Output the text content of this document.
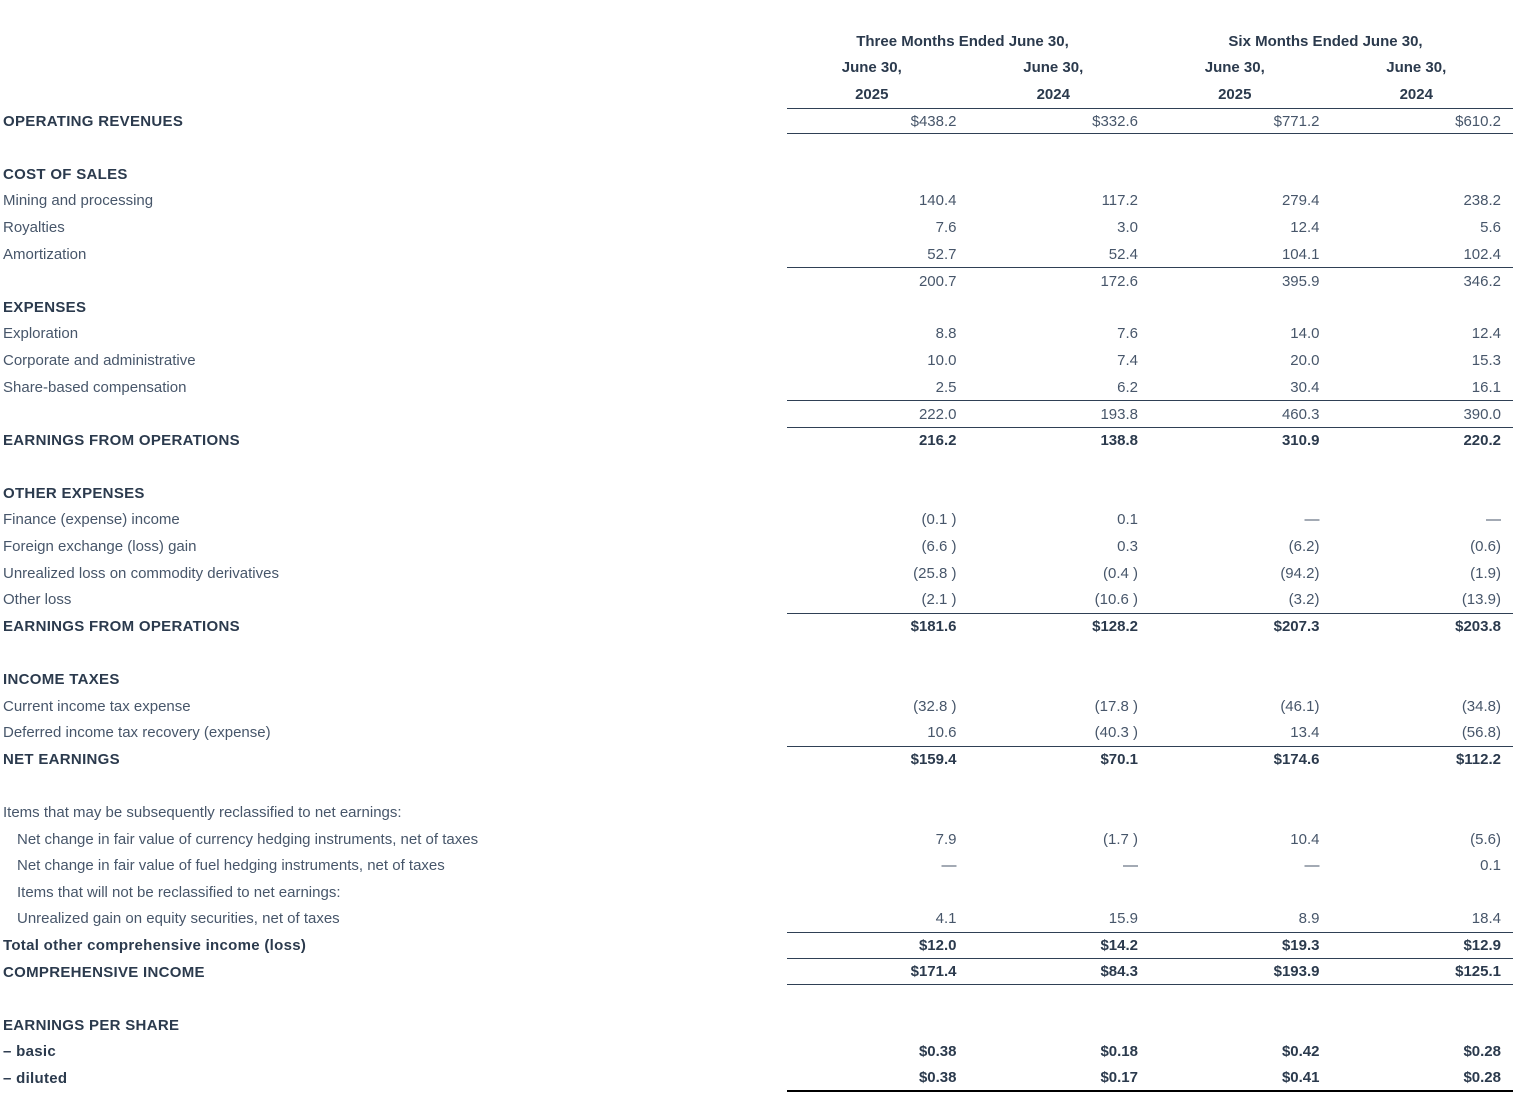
Three Months Ended June 30,	Six Months Ended June 30,
June 30,	June 30,	June 30,	June 30,
2025	2024	2025	2024
OPERATING REVENUES	$438.2	$332.6	$771.2	$610.2
COST OF SALES
Mining and processing	140.4	117.2	279.4	238.2
Royalties	7.6	3.0	12.4	5.6
Amortization	52.7	52.4	104.1	102.4
200.7	172.6	395.9	346.2
EXPENSES
Exploration	8.8	7.6	14.0	12.4
Corporate and administrative	10.0	7.4	20.0	15.3
Share-based compensation	2.5	6.2	30.4	16.1
222.0	193.8	460.3	390.0
EARNINGS FROM OPERATIONS	216.2	138.8	310.9	220.2
OTHER EXPENSES
Finance (expense) income	(0.1 )	0.1	—	—
Foreign exchange (loss) gain	(6.6 )	0.3	(6.2)	(0.6)
Unrealized loss on commodity derivatives	(25.8 )	(0.4 )	(94.2)	(1.9)
Other loss	(2.1 )	(10.6 )	(3.2)	(13.9)
EARNINGS FROM OPERATIONS	$181.6	$128.2	$207.3	$203.8
INCOME TAXES
Current income tax expense	(32.8 )	(17.8 )	(46.1)	(34.8)
Deferred income tax recovery (expense)	10.6	(40.3 )	13.4	(56.8)
NET EARNINGS	$159.4	$70.1	$174.6	$112.2
Items that may be subsequently reclassified to net earnings:
Net change in fair value of currency hedging instruments, net of taxes	7.9	(1.7 )	10.4	(5.6)
Net change in fair value of fuel hedging instruments, net of taxes	—	—	—	0.1
Items that will not be reclassified to net earnings:
Unrealized gain on equity securities, net of taxes	4.1	15.9	8.9	18.4
Total other comprehensive income (loss)	$12.0	$14.2	$19.3	$12.9
COMPREHENSIVE INCOME	$171.4	$84.3	$193.9	$125.1
EARNINGS PER SHARE
– basic	$0.38	$0.18	$0.42	$0.28
– diluted	$0.38	$0.17	$0.41	$0.28
